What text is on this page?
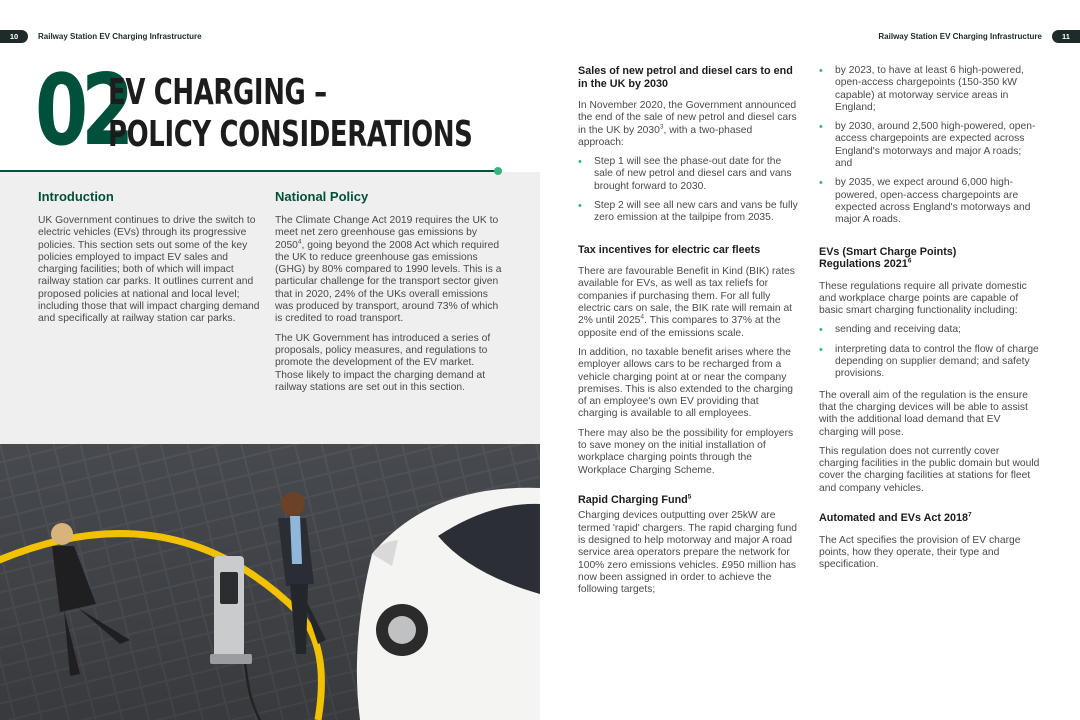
10	Railway Station EV Charging Infrastructure
02
EV CHARGING –
POLICY CONSIDERATIONS
Introduction

UK Government continues to drive the switch to electric vehicles (EVs) through its progressive policies. This section sets out some of the key policies employed to impact EV sales and charging facilities; both of which will impact railway station car parks. It outlines current and proposed policies at national and local level; including those that will impact charging demand and specifically at railway station car parks.

National Policy

The Climate Change Act 2019 requires the UK to meet net zero greenhouse gas emissions by 2050$^4$, going beyond the 2008 Act which required the UK to reduce greenhouse gas emissions (GHG) by 80% compared to 1990 levels. This is a particular challenge for the transport sector given that in 2020, 24% of the UKs overall emissions was produced by transport, around 73% of which is credited to road transport.

The UK Government has introduced a series of proposals, policy measures, and regulations to promote the development of the EV market. Those likely to impact the charging demand at railway stations are set out in this section.

Railway Station EV Charging Infrastructure	11
Sales of new petrol and diesel cars to end in the UK by 2030

In November 2020, the Government announced the end of the sale of new petrol and diesel cars in the UK by 2030$^3$, with a two-phased approach:

• Step 1 will see the phase-out date for the sale of new petrol and diesel cars and vans brought forward to 2030.
• Step 2 will see all new cars and vans be fully zero emission at the tailpipe from 2035.
Tax incentives for electric car fleets

There are favourable Benefit in Kind (BIK) rates available for EVs, as well as tax reliefs for companies if purchasing them. For all fully electric cars on sale, the BIK rate will remain at 2% until 2025$^4$. This compares to 37% at the opposite end of the emissions scale.

In addition, no taxable benefit arises where the employer allows cars to be recharged from a vehicle charging point at or near the company premises. This is also extended to the charging of an employee's own EV providing that charging is available to all employees.

There may also be the possibility for employers to save money on the initial installation of workplace charging points through the Workplace Charging Scheme.

Rapid Charging Fund$^5$

Charging devices outputting over 25kW are termed 'rapid' chargers. The rapid charging fund is designed to help motorway and major A road service area operators prepare the network for 100% zero emissions vehicles. £950 million has now been assigned in order to achieve the following targets;

• by 2023, to have at least 6 high-powered, open-access chargepoints (150-350 kW capable) at motorway service areas in England;
• by 2030, around 2,500 high-powered, open-access chargepoints are expected across England's motorways and major A roads; and
• by 2035, we expect around 6,000 high-powered, open-access chargepoints are expected across England's motorways and major A roads.
EVs (Smart Charge Points)
Regulations 2021$^6$

These regulations require all private domestic and workplace charge points are capable of basic smart charging functionality including:

• sending and receiving data;
• interpreting data to control the flow of charge depending on supplier demand; and safety provisions.

The overall aim of the regulation is the ensure that the charging devices will be able to assist with the additional load demand that EV charging will pose.

This regulation does not currently cover charging facilities in the public domain but would cover the charging facilities at stations for fleet and company vehicles.

Automated and EVs Act 2018$^7$

The Act specifies the provision of EV charge points, how they operate, their type and specification.
